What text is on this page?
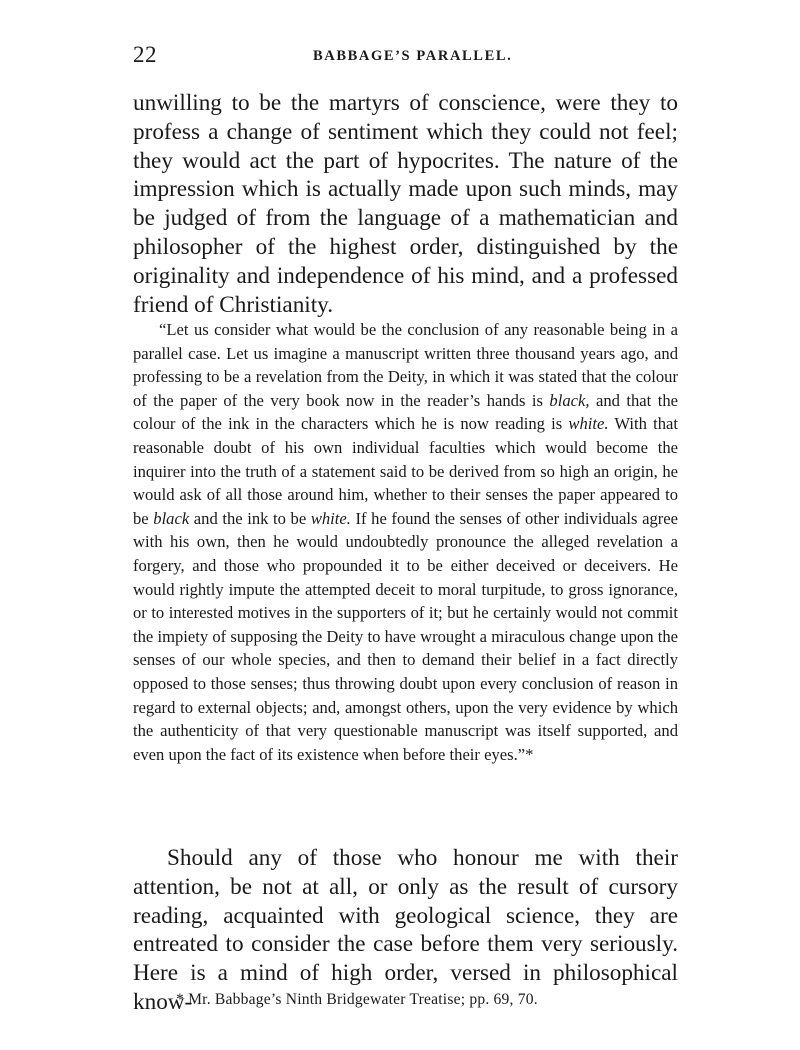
22	BABBAGE’S PARALLEL.

unwilling to be the martyrs of conscience, were they to profess a change of sentiment which they could not feel; they would act the part of hypocrites. The nature of the impression which is actually made upon such minds, may be judged of from the language of a mathematician and philosopher of the highest order, distinguished by the originality and independence of his mind, and a professed friend of Christianity.

“Let us consider what would be the conclusion of any reasonable being in a parallel case. Let us imagine a manuscript written three thousand years ago, and professing to be a revelation from the Deity, in which it was stated that the colour of the paper of the very book now in the reader’s hands is black, and that the colour of the ink in the characters which he is now reading is white. With that reasonable doubt of his own individual faculties which would become the inquirer into the truth of a statement said to be derived from so high an origin, he would ask of all those around him, whether to their senses the paper appeared to be black and the ink to be white. If he found the senses of other individuals agree with his own, then he would undoubtedly pronounce the alleged revelation a forgery, and those who propounded it to be either deceived or deceivers. He would rightly impute the attempted deceit to moral turpitude, to gross ignorance, or to interested motives in the supporters of it; but he certainly would not commit the impiety of supposing the Deity to have wrought a miraculous change upon the senses of our whole species, and then to demand their belief in a fact directly opposed to those senses; thus throwing doubt upon every conclusion of reason in regard to external objects; and, amongst others, upon the very evidence by which the authenticity of that very questionable manuscript was itself supported, and even upon the fact of its existence when before their eyes.”*

Should any of those who honour me with their attention, be not at all, or only as the result of cursory reading, acquainted with geological science, they are entreated to consider the case before them very seriously. Here is a mind of high order, versed in philosophical know-

* Mr. Babbage’s Ninth Bridgewater Treatise; pp. 69, 70.
